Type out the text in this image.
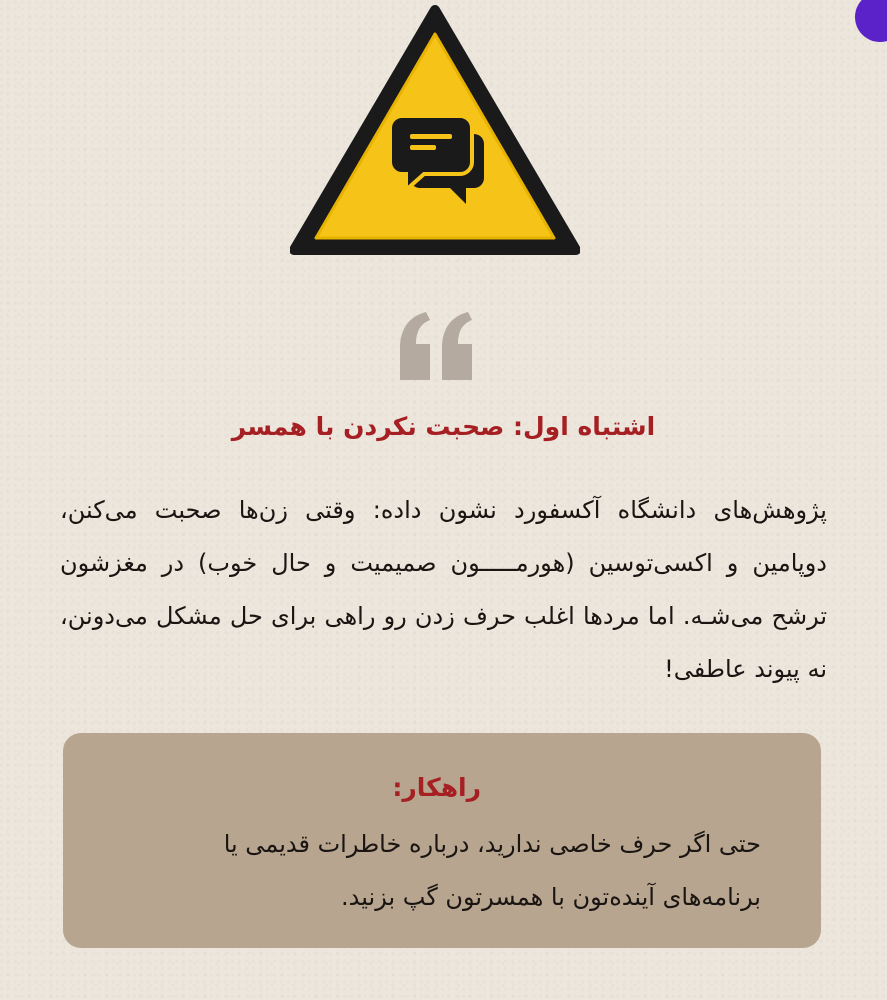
اشتباه اول: صحبت نکردن با همسر

پژوهش‌های دانشگاه آکسفورد نشون داده: وقتی زن‌ها صحبت می‌کنن، دوپامین و اکسی‌توسین (هورمـــــون صمیمیت و حال خوب) در مغزشون ترشح می‌شـه. اما مردها اغلب حرف زدن رو راهی برای حل مشکل می‌دونن، نه پیوند عاطفی!

راهکار:

حتی اگر حرف خاصی ندارید، درباره خاطرات قدیمی یا برنامه‌های آینده‌تون با همسرتون گپ بزنید.
